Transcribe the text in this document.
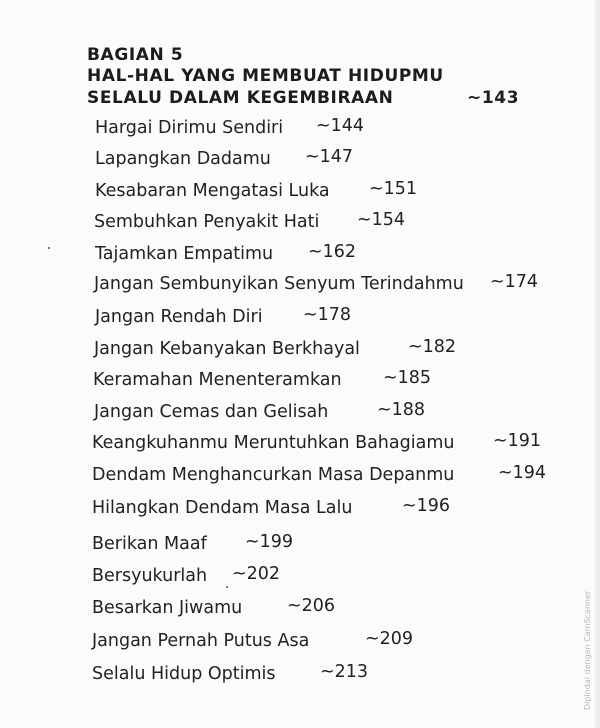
BAGIAN 5
HAL-HAL YANG MEMBUAT HIDUPMU
SELALU DALAM KEGEMBIRAAN	~143
Hargai Dirimu Sendiri ~144
Lapangkan Dadamu ~147
Kesabaran Mengatasi Luka ~151
Sembuhkan Penyakit Hati ~154
Tajamkan Empatimu ~162
Jangan Sembunyikan Senyum Terindahmu ~174
Jangan Rendah Diri ~178
Jangan Kebanyakan Berkhayal	~182
Keramahan Menenteramkan ~185
Jangan Cemas dan Gelisah	~188
Keangkuhanmu Meruntuhkan Bahagiamu ~191
Dendam Menghancurkan Masa Depanmu ~194
Hilangkan Dendam Masa Lalu	~196
Berikan Maaf ~199
Bersyukurlah ~202
Besarkan Jiwamu	~206
Jangan Pernah Putus Asa	~209
Selalu Hidup Optimis	~213	Dipindai dengan CamScanner
